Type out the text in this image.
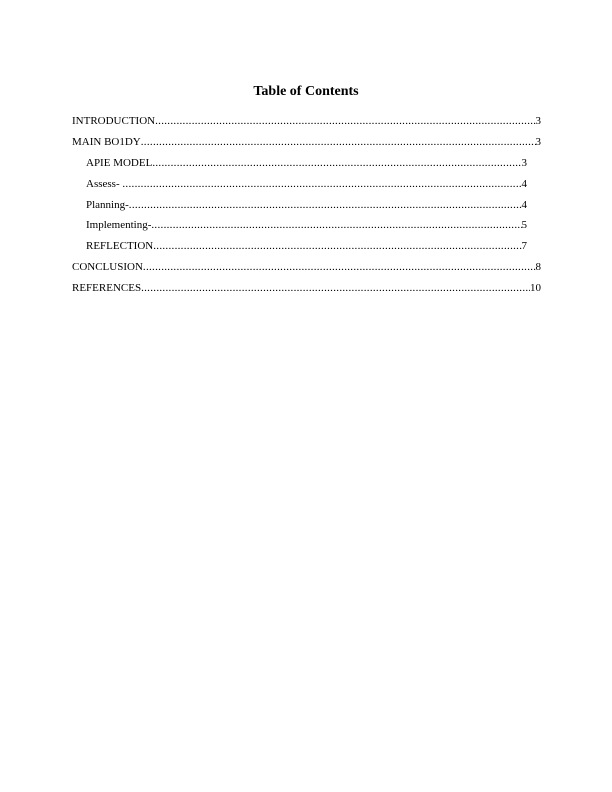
Table of Contents
INTRODUCTION .....	3
MAIN BO1DY .....	3
APIE MODEL .....	3
Assess- .....	4
Planning- .....	4
Implementing- .....	5
REFLECTION .....	7
CONCLUSION .....	8
REFERENCES .....	10
